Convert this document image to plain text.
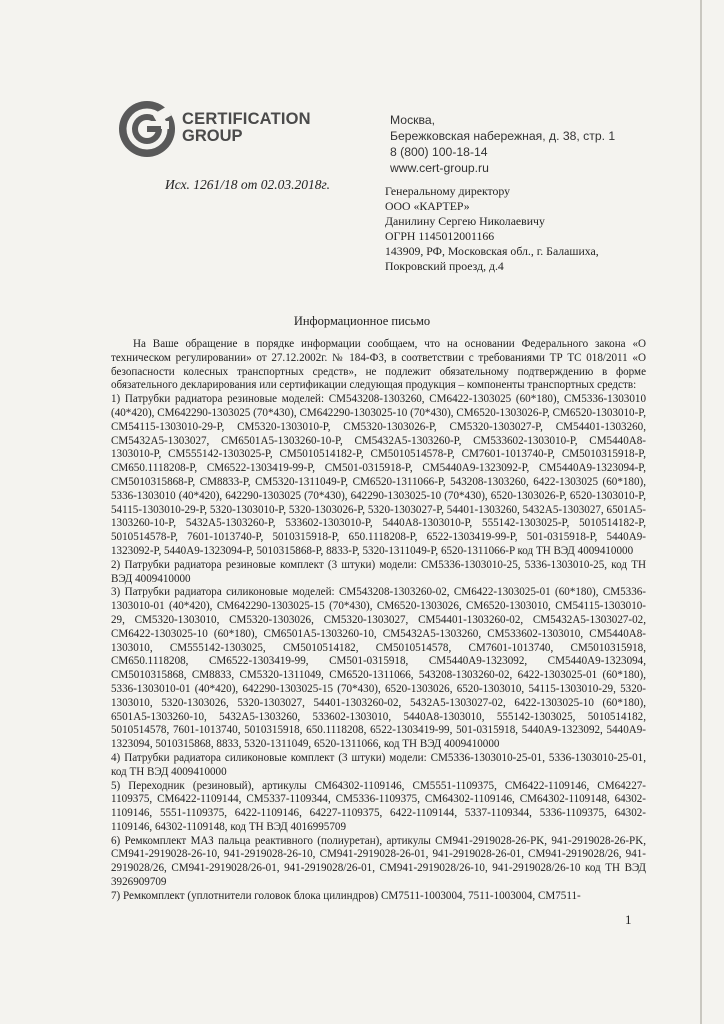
CERTIFICATION
GROUP
Москва,
Бережковская набережная, д. 38, стр. 1
8 (800) 100-18-14
www.cert-group.ru
Исх. 1261/18 от 02.03.2018г.	Генеральному директору
ООО «КАРТЕР»
Данилину Сергею Николаевичу
ОГРН 1145012001166
143909, РФ, Московская обл., г. Балашиха,
Покровский проезд, д.4
Информационное письмо

На Ваше обращение в порядке информации сообщаем, что на основании Федерального закона «О техническом регулировании» от 27.12.2002г. № 184-ФЗ, в соответствии с требованиями ТР ТС 018/2011 «О безопасности колесных транспортных средств», не подлежит обязательному подтверждению в форме обязательного декларирования или сертификации следующая продукция – компоненты транспортных средств:

1) Патрубки радиатора резиновые моделей: CM543208-1303260, CM6422-1303025 (60*180), CM5336-1303010 (40*420), CM642290-1303025 (70*430), CM642290-1303025-10 (70*430), CM6520-1303026-P, CM6520-1303010-P, CM54115-1303010-29-P, CM5320-1303010-P, CM5320-1303026-P, CM5320-1303027-P, CM54401-1303260, CM5432A5-1303027, CM6501A5-1303260-10-P, CM5432A5-1303260-P, CM533602-1303010-P, CM5440A8-1303010-P, CM555142-1303025-P, CM5010514182-P, CM5010514578-P, CM7601-1013740-P, CM5010315918-P, CM650.1118208-P, CM6522-1303419-99-P, CM501-0315918-P, CM5440A9-1323092-P, CM5440A9-1323094-P, CM5010315868-P, CM8833-P, CM5320-1311049-P, CM6520-1311066-P, 543208-1303260, 6422-1303025 (60*180), 5336-1303010 (40*420), 642290-1303025 (70*430), 642290-1303025-10 (70*430), 6520-1303026-P, 6520-1303010-P, 54115-1303010-29-P, 5320-1303010-P, 5320-1303026-P, 5320-1303027-P, 54401-1303260, 5432A5-1303027, 6501A5-1303260-10-P, 5432A5-1303260-P, 533602-1303010-P, 5440A8-1303010-P, 555142-1303025-P, 5010514182-P, 5010514578-P, 7601-1013740-P, 5010315918-P, 650.1118208-P, 6522-1303419-99-P, 501-0315918-P, 5440A9-1323092-P, 5440A9-1323094-P, 5010315868-P, 8833-P, 5320-1311049-P, 6520-1311066-P код ТН ВЭД 4009410000

2) Патрубки радиатора резиновые комплект (3 штуки) модели: CM5336-1303010-25, 5336-1303010-25, код ТН ВЭД 4009410000

3) Патрубки радиатора силиконовые моделей: CM543208-1303260-02, CM6422-1303025-01 (60*180), CM5336-1303010-01 (40*420), CM642290-1303025-15 (70*430), CM6520-1303026, CM6520-1303010, CM54115-1303010-29, CM5320-1303010, CM5320-1303026, CM5320-1303027, CM54401-1303260-02, CM5432A5-1303027-02, CM6422-1303025-10 (60*180), CM6501A5-1303260-10, CM5432A5-1303260, CM533602-1303010, CM5440A8-1303010, CM555142-1303025, CM5010514182, CM5010514578, CM7601-1013740, CM5010315918, CM650.1118208, CM6522-1303419-99, CM501-0315918, CM5440A9-1323092, CM5440A9-1323094, CM5010315868, CM8833, CM5320-1311049, CM6520-1311066, 543208-1303260-02, 6422-1303025-01 (60*180), 5336-1303010-01 (40*420), 642290-1303025-15 (70*430), 6520-1303026, 6520-1303010, 54115-1303010-29, 5320-1303010, 5320-1303026, 5320-1303027, 54401-1303260-02, 5432A5-1303027-02, 6422-1303025-10 (60*180), 6501A5-1303260-10, 5432A5-1303260, 533602-1303010, 5440A8-1303010, 555142-1303025, 5010514182, 5010514578, 7601-1013740, 5010315918, 650.1118208, 6522-1303419-99, 501-0315918, 5440A9-1323092, 5440A9-1323094, 5010315868, 8833, 5320-1311049, 6520-1311066, код ТН ВЭД 4009410000

4) Патрубки радиатора силиконовые комплект (3 штуки) модели: CM5336-1303010-25-01, 5336-1303010-25-01, код ТН ВЭД 4009410000

5) Переходник (резиновый), артикулы CM64302-1109146, CM5551-1109375, CM6422-1109146, CM64227-1109375, CM6422-1109144, CM5337-1109344, CM5336-1109375, CM64302-1109146, CM64302-1109148, 64302-1109146, 5551-1109375, 6422-1109146, 64227-1109375, 6422-1109144, 5337-1109344, 5336-1109375, 64302-1109146, 64302-1109148, код ТН ВЭД 4016995709

6) Ремкомплект МАЗ пальца реактивного (полиуретан), артикулы CM941-2919028-26-PK, 941-2919028-26-PK, CM941-2919028-26-10, 941-2919028-26-10, CM941-2919028-26-01, 941-2919028-26-01, CM941-2919028/26, 941-2919028/26, CM941-2919028/26-01, 941-2919028/26-01, CM941-2919028/26-10, 941-2919028/26-10 код ТН ВЭД 3926909709

7) Ремкомплект (уплотнители головок блока цилиндров) CM7511-1003004, 7511-1003004, CM7511-

1
